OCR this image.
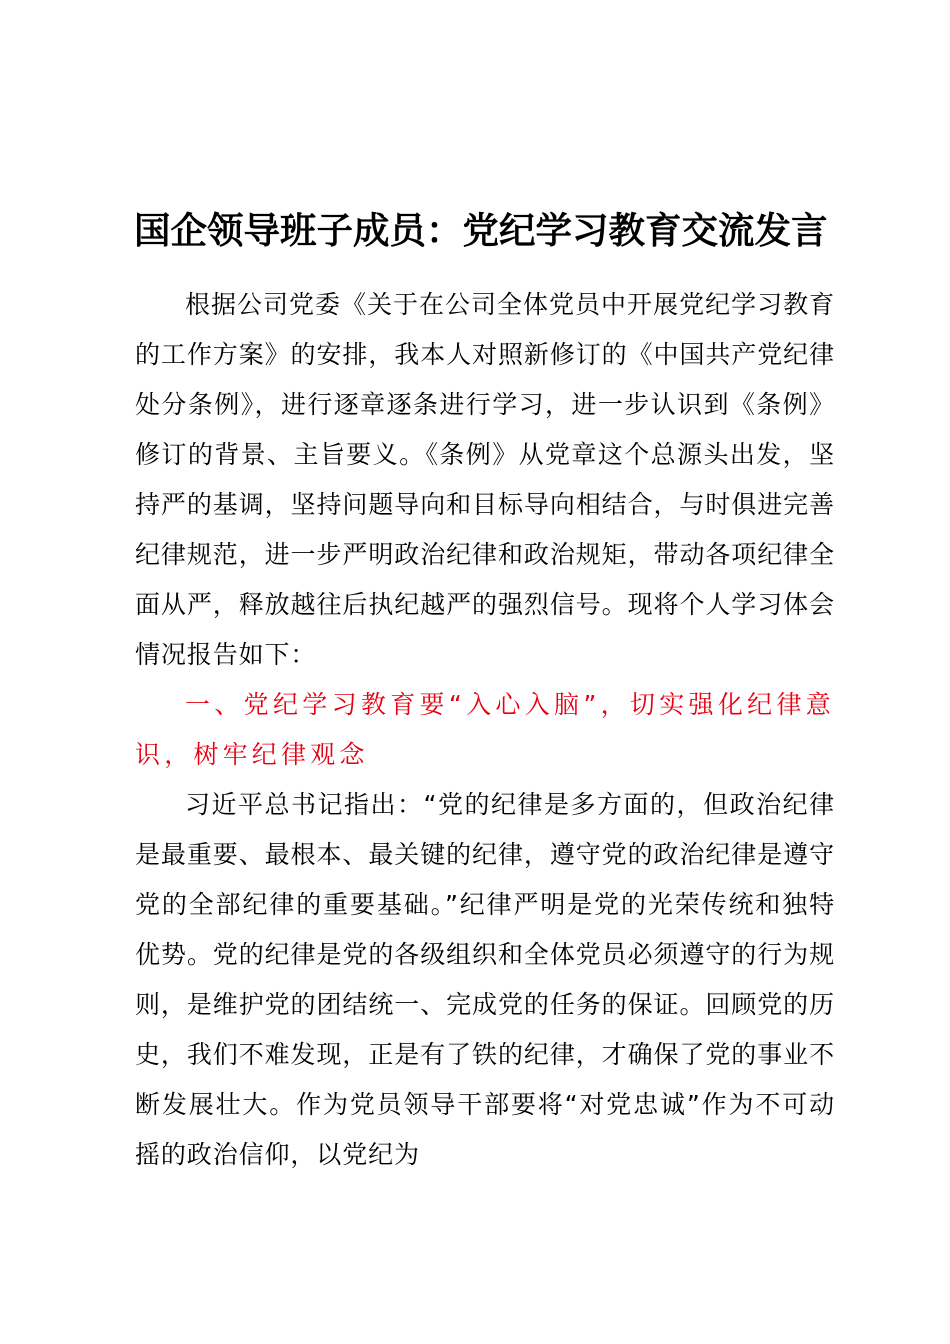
国企领导班子成员：党纪学习教育交流发言

根据公司党委《关于在公司全体党员中开展党纪学习教育的工作方案》的安排，我本人对照新修订的《中国共产党纪律处分条例》，进行逐章逐条进行学习，进一步认识到《条例》修订的背景、主旨要义。《条例》从党章这个总源头出发，坚持严的基调，坚持问题导向和目标导向相结合，与时俱进完善纪律规范，进一步严明政治纪律和政治规矩，带动各项纪律全面从严，释放越往后执纪越严的强烈信号。现将个人学习体会情况报告如下：

一、党纪学习教育要“入心入脑”，切实强化纪律意识，树牢纪律观念

习近平总书记指出：“党的纪律是多方面的，但政治纪律是最重要、最根本、最关键的纪律，遵守党的政治纪律是遵守党的全部纪律的重要基础。”纪律严明是党的光荣传统和独特优势。党的纪律是党的各级组织和全体党员必须遵守的行为规则，是维护党的团结统一、完成党的任务的保证。回顾党的历史，我们不难发现，正是有了铁的纪律，才确保了党的事业不断发展壮大。作为党员领导干部要将“对党忠诚”作为不可动摇的政治信仰，以党纪为
